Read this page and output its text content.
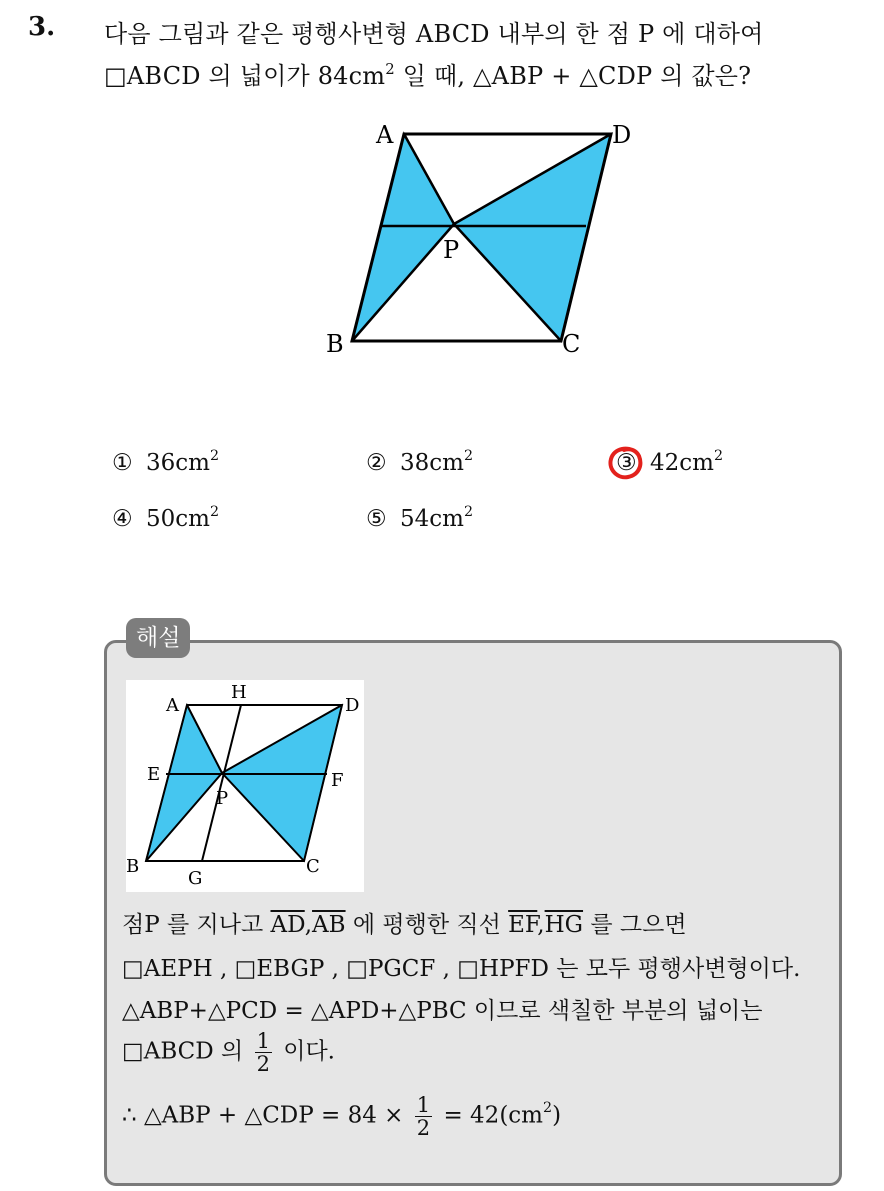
3. 다음 그림과 같은 평행사변형 ABCD 내부의 한 점 P 에 대하여
□ABCD 의 넓이가 $84cm^2$ 일 때, △ABP + △CDP 의 값은?
A	D
P
B	C
① $36cm^2$	② $38cm^2$	③ $42cm^2$
④ $50cm^2$	⑤ $54cm^2$
해설
A
H
D
E	F
P
B
G
C
점P 를 지나고 $\overline{AD},\overline{AB}$ 에 평행한 직선 $\overline{EF},\overline{HG}$ 를 그으면
□AEPH , □EBGP , □PGCF , □HPFD 는 모두 평행사변형이다.
△ABP+△PCD = △APD+△PBC 이므로 색칠한 부분의 넓이는
□ABCD 의 $\frac{1}{2}$ 이다.
∴ △ABP + △CDP = $84 \times \frac{1}{2} = 42(cm^2)$
